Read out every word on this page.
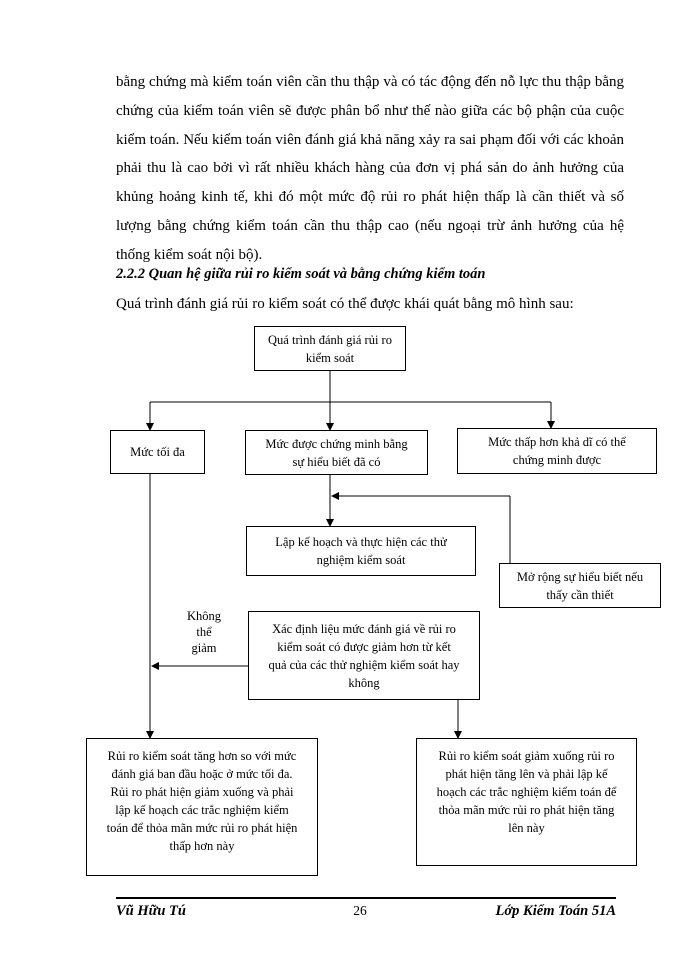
bằng chứng mà kiểm toán viên cần thu thập và có tác động đến nỗ lực thu thập bằng chứng của kiểm toán viên sẽ được phân bổ như thế nào giữa các bộ phận của cuộc kiểm toán. Nếu kiểm toán viên đánh giá khả năng xảy ra sai phạm đối với các khoản phải thu là cao bởi vì rất nhiều khách hàng của đơn vị phá sản do ảnh hưởng của khủng hoảng kinh tế, khi đó một mức độ rủi ro phát hiện thấp là cần thiết và số lượng bằng chứng kiểm toán cần thu thập cao (nếu ngoại trừ ảnh hưởng của hệ thống kiểm soát nội bộ).

2.2.2 Quan hệ giữa rủi ro kiểm soát và bằng chứng kiểm toán

Quá trình đánh giá rủi ro kiểm soát có thể được khái quát bằng mô hình sau:

Quá trình đánh giá rủi ro
kiểm soát
Mức tối đa
Mức được chứng minh bằng
sự hiểu biết đã có
Mức thấp hơn khả dĩ có thể
chứng minh được
Lập kế hoạch và thực hiện các thử
nghiệm kiểm soát
Mở rộng sự hiểu biết nếu
thấy cần thiết
Xác định liệu mức đánh giá về rủi ro
kiểm soát có được giảm hơn từ kết
quả của các thử nghiệm kiểm soát hay
không
Không
thể
giảm
Rủi ro kiểm soát tăng hơn so với mức
đánh giá ban đầu hoặc ở mức tối đa.
Rủi ro phát hiện giảm xuống và phải
lập kế hoạch các trắc nghiệm kiểm
toán để thỏa mãn mức rủi ro phát hiện
thấp hơn này
Rủi ro kiểm soát giảm xuống rủi ro
phát hiện tăng lên và phải lập kế
hoạch các trắc nghiệm kiểm toán để
thỏa mãn mức rủi ro phát hiện tăng
lên này
Vũ Hữu Tú	26	Lớp Kiểm Toán 51A
